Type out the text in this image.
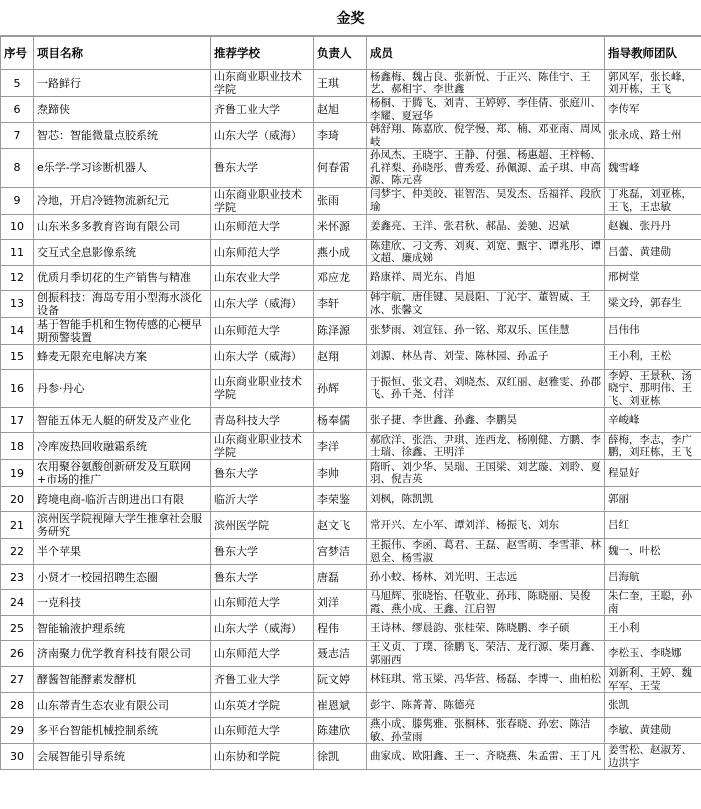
金奖
序号	项目名称	推荐学校	负责人	成员	指导教师团队
5	一路鲜行	山东商业职业技术学院	王琪	杨鑫梅、魏占良、张新悦、于正兴、陈佳宁、王艺、郝相宇、李世鑫	郭风军，张长峰，刘开栋，王飞
6	焘蹄侠	齐鲁工业大学	赵旭	杨桐、于腾飞、刘青、王婷婷、李佳倩、张庭川、李耀、夏冠华	李传军
7	智芯：智能微量点胶系统	山东大学（威海）	李琦	韩舒翔、陈嘉欣、倪学慢、郑、楠、邓亚南、周凤岐	张永成、路士州
8	e乐学-学习诊断机器人	鲁东大学	何春雷	孙凤杰、王晓宇、王静、付强、杨惠超、王梓畅、孔祥梨、孙晓彤、曹秀爱、孙佩源、孟子琪、申高源、陈元喜	魏雪峰
9	冷地，开启冷链物流新纪元	山东商业职业技术学院	张雨	闫梦宇、仲美皎、崔智浩、吴发杰、岳福祥、段欣瑜	丁兆磊，刘亚栋，王飞，王忠敏
10	山东米多多教育咨询有限公司	山东师范大学	米怀源	姜鑫亮、王洋、张君秋、郝晶、姜驰、迟斌	赵巍、张丹丹
11	交互式全息影像系统	山东师范大学	燕小成	陈建欣、刁文秀、刘爽、刘宽、甄宇、谭兆彤、谭文超、廉成娣	吕蕾、黄建勋
12	优质月季切花的生产销售与精准	山东农业大学	邓应龙	路康祥、周光东、肖旭	邢树堂
13	创振科技：海岛专用小型海水淡化设备	山东大学（威海）	李轩	韩宇航、唐佳键、吴晨阳、丁沁宇、董智威、王冰、张馨文	梁文玲，郭春生
14	基于智能手机和生物传感的心梗早期预警装置	山东师范大学	陈泽源	张梦雨、刘宣钰、孙一铭、郑双乐、匡佳慧	吕伟伟
15	蜂麦无限充电解决方案	山东大学（威海）	赵翔	刘源、林丛青、刘莹、陈林园、孙孟子	王小利，王松
16	丹参·丹心	山东商业职业技术学院	孙辉	于振恒、张文君、刘晓杰、双红丽、赵雅雯、孙郡飞、孙千尧、付洋	李婷、王景秋、汤晓宁、那明伟、王飞、刘亚栋
17	智能五体无人艇的研发及产业化	青岛科技大学	杨奉儒	张子捷、李世鑫、孙鑫、李鹏昊	辛峻峰
18	冷库废热回收融霜系统	山东商业职业技术学院	李洋	郝欣洋、张浩、尹琪、连西龙、杨刚健、方鹏、李士瑞、徐鑫、王明洋	薛梅，李志，李广鹏，刘玨栋，王飞
19	农用聚谷氨酸创新研发及互联网+市场的推广	鲁东大学	李帅	隋昕、刘少华、吴瑞、王国梁、刘艺璇、刘聆、夏羽、倪吉英	程显好
20	跨境电商-临沂吉朗进出口有限	临沂大学	李荣鉴	刘枫，陈凯凯	郭丽
21	滨州医学院视障大学生推拿社会服务研究	滨州医学院	赵文飞	常开兴、左小军、谭刘洋、杨振飞、刘东	吕红
22	半个苹果	鲁东大学	宫梦洁	王振伟、李函、葛君、王磊、赵雪萌、李雪菲、林恩全、杨雪淑	魏一、叶松
23	小贤才一校园招聘生态圈	鲁东大学	唐磊	孙小蛟、杨林、刘光明、王志远	吕海航
24	一克科技	山东师范大学	刘洋	马旭辉、张晓怡、任敬业、孙玮、陈晓丽、吴俊霞、燕小成、王鑫、江启智	朱仁奎，王聪，孙南
25	智能输液护理系统	山东大学（威海）	程伟	王诗林、缪晨韵、张桂荣、陈晓鹏、李子硕	王小利
26	济南聚力优学教育科技有限公司	山东师范大学	聂志洁	王义贞、丁璞、徐鹏飞、荣洁、龙行源、柴月鑫、郭丽西	李松玉、李晓娜
27	酵酱智能酵素发酵机	齐鲁工业大学	阮文婷	林钰琪、常玉梁、冯华营、杨磊、李博一、曲柏松	刘新利、王婷、魏军军、王莹
28	山东蒂青生态农业有限公司	山东英才学院	崔恩斌	彭宇、陈菁菁、陈德亮	张凯
29	多平台智能机械控制系统	山东师范大学	陈建欣	燕小成、滕隽雅、张桐林、张春晓、孙宏、陈洁敏、孙莹雨	李敏、黄建勋
30	会展智能引导系统	山东协和学院	徐凯	曲家成、欧阳鑫、王一、齐晓燕、朱孟雷、王丁凡	姜雪松、赵淑芳、边洪宇
